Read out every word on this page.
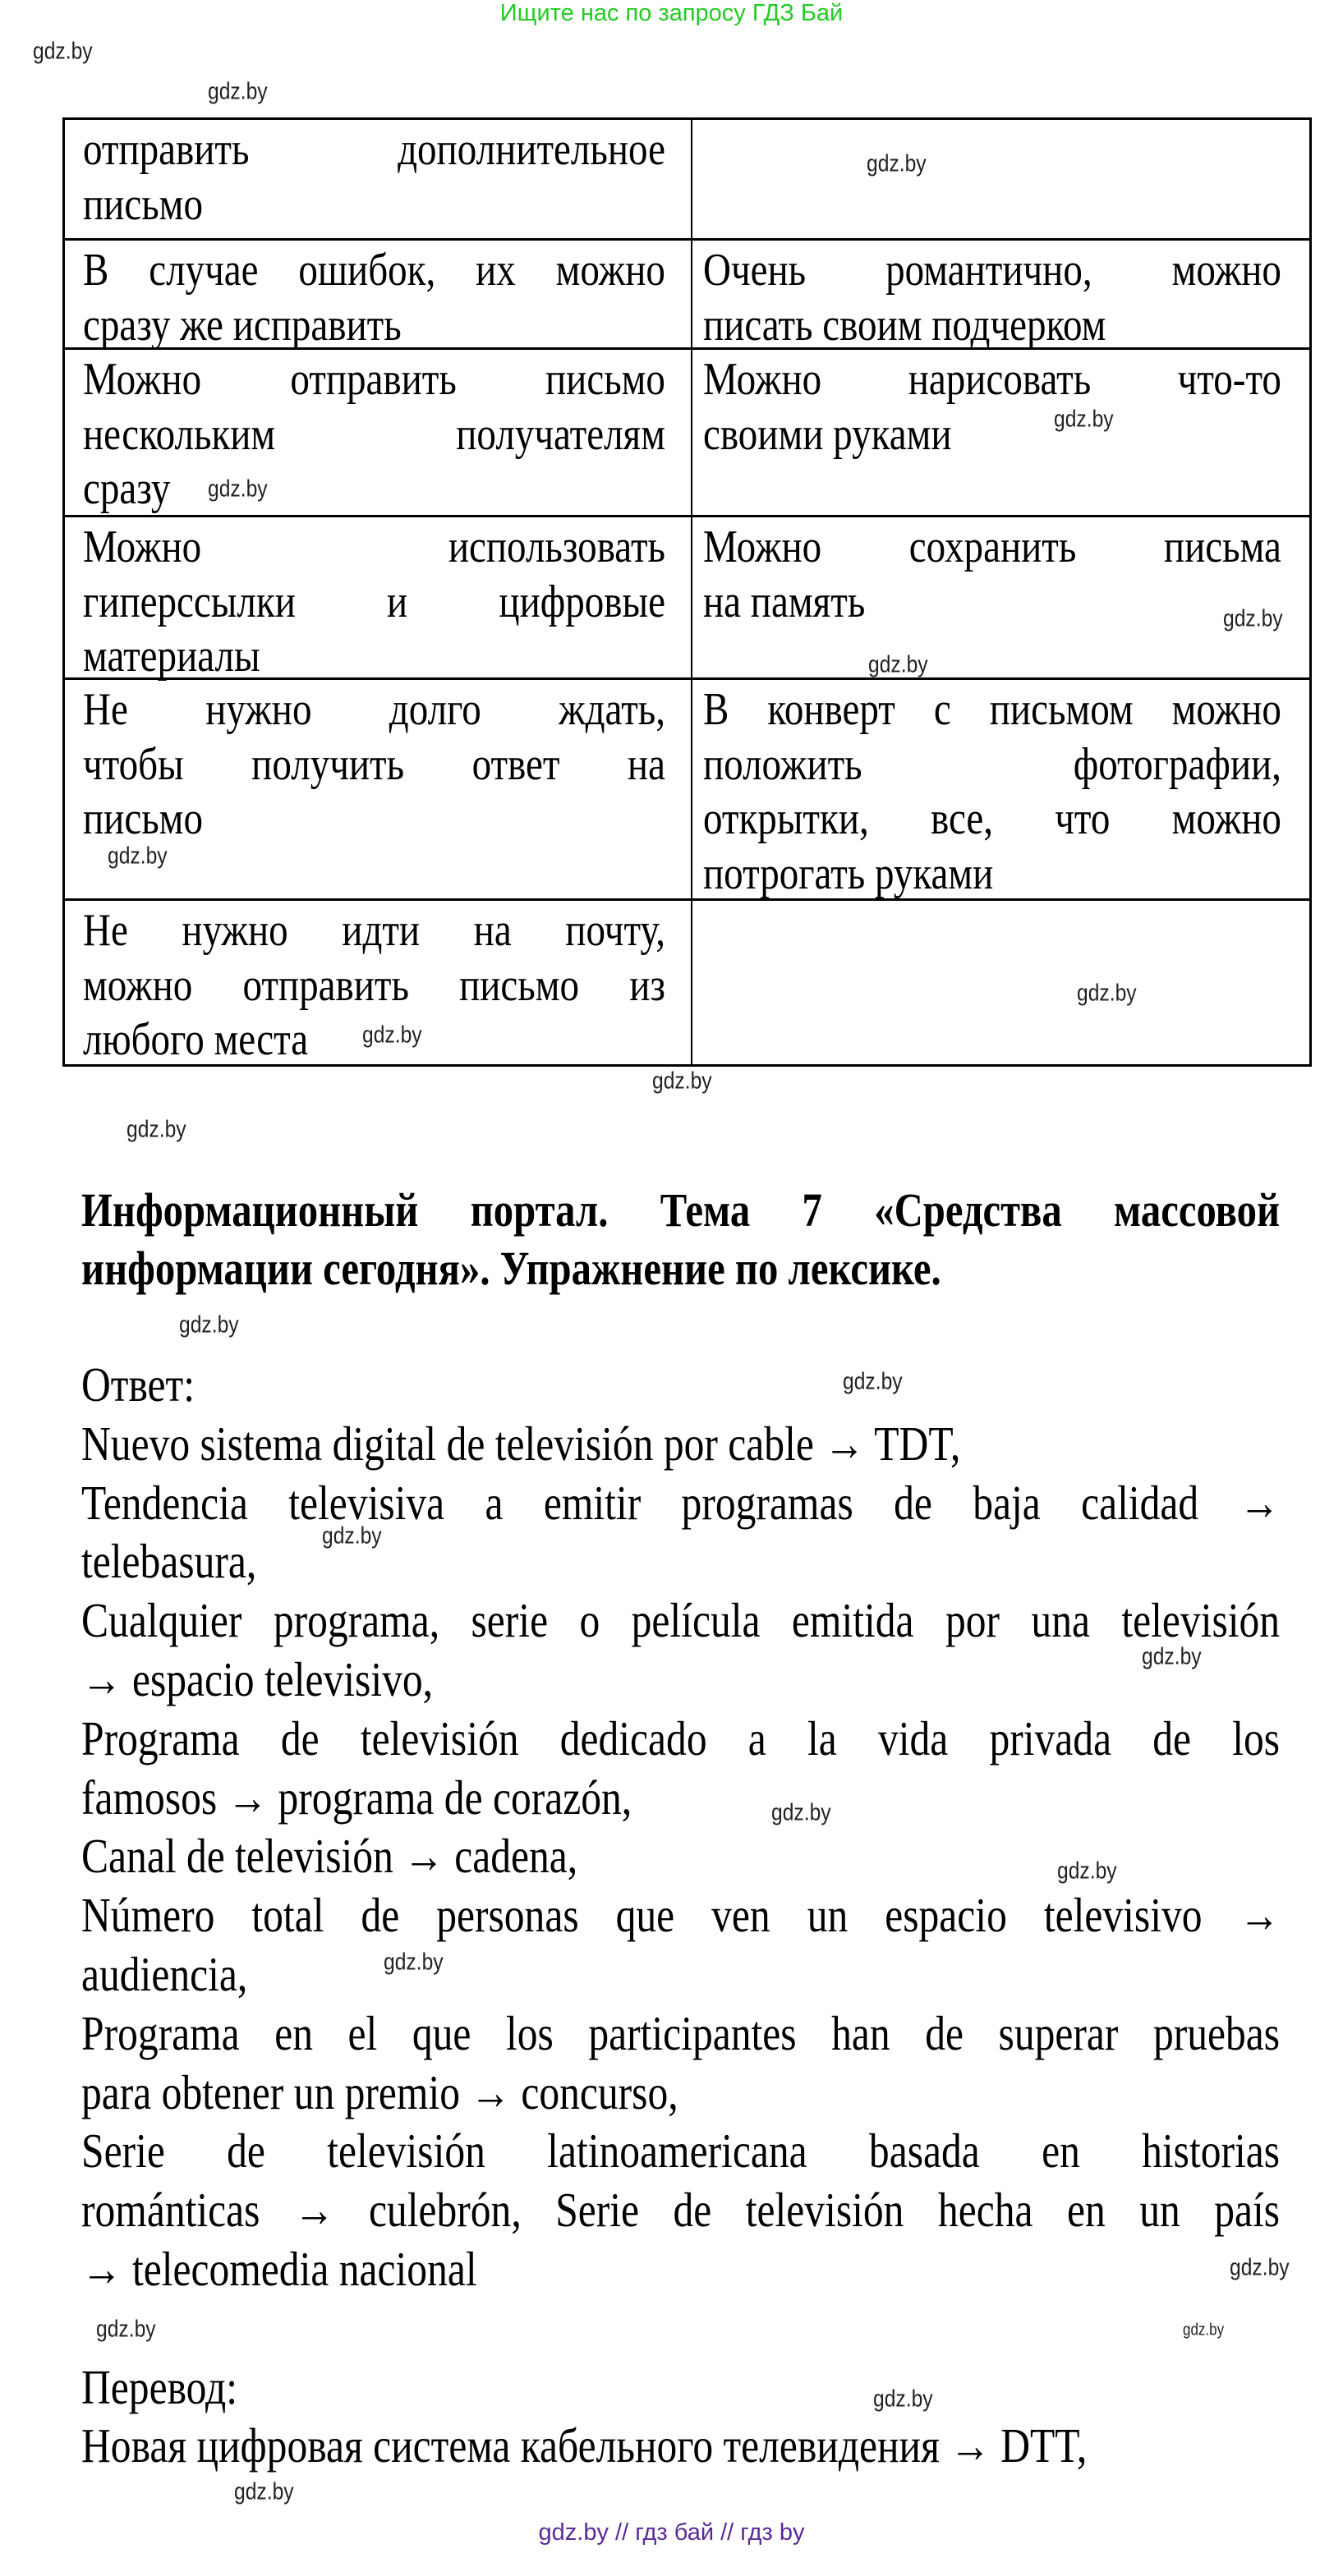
Ищите нас по запросу ГДЗ Бай
отправить дополнительное
письмо
В случае ошибок, их можно
сразу же исправить
Очень романтично, можно
писать своим подчерком
Можно отправить письмо
нескольким получателям
сразу
Можно нарисовать что-то
своими руками
Можно использовать
гиперссылки и цифровые
материалы
Можно сохранить письма
на память
Не нужно долго ждать,
чтобы получить ответ на
письмо
В конверт с письмом можно
положить фотографии,
открытки, все, что можно
потрогать руками
Не нужно идти на почту,
можно отправить письмо из
любого места
Информационный портал. Тема 7 «Средства массовой
информации сегодня». Упражнение по лексике.
Ответ:
Nuevo sistema digital de televisión por cable → TDT,
Tendencia televisiva a emitir programas de baja calidad →
telebasura,
Cualquier programa, serie o película emitida por una televisión
→ espacio televisivo,
Programa de televisión dedicado a la vida privada de los
famosos → programa de corazón,
Canal de televisión → cadena,
Número total de personas que ven un espacio televisivo →
audiencia,
Programa en el que los participantes han de superar pruebas
para obtener un premio → concurso,
Serie de televisión latinoamericana basada en historias
románticas → culebrón, Serie de televisión hecha en un país
→ telecomedia nacional
Перевод:
Новая цифровая система кабельного телевидения → DTT,
gdz.by
gdz.by
gdz.by
gdz.by
gdz.by
gdz.by
gdz.by
gdz.by
gdz.by
gdz.by
gdz.by
gdz.by
gdz.by
gdz.by
gdz.by
gdz.by
gdz.by
gdz.by
gdz.by
gdz.by
gdz.by
gdz.by
gdz.by
gdz.by
gdz.by // гдз бай // гдз by
